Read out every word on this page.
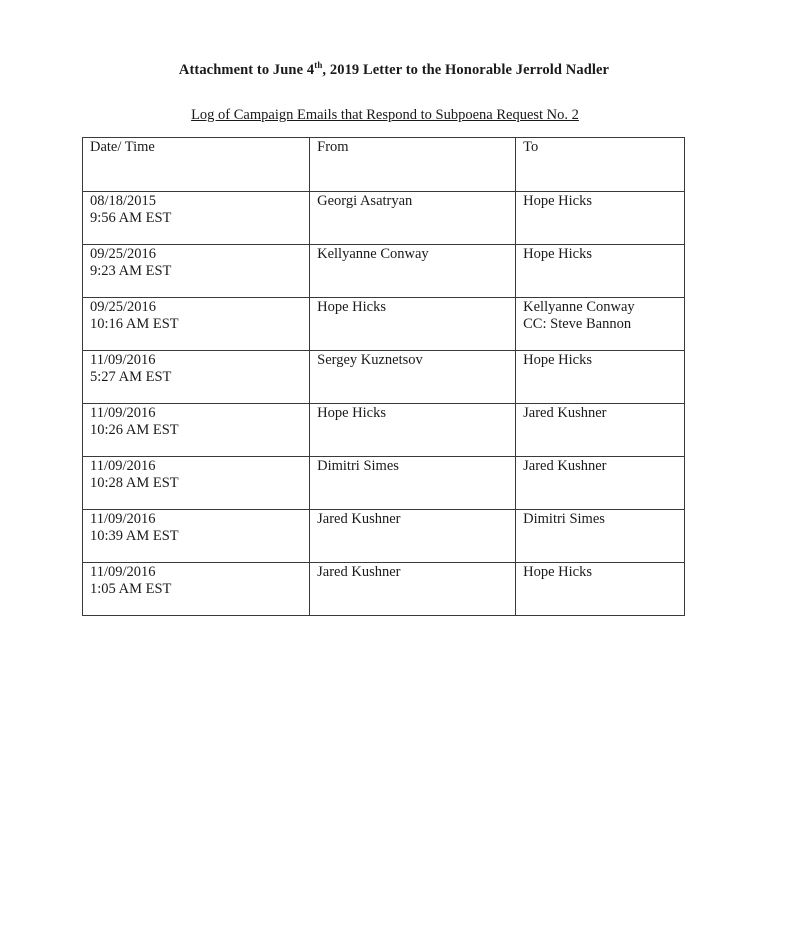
Attachment to June 4th, 2019 Letter to the Honorable Jerrold Nadler
Log of Campaign Emails that Respond to Subpoena Request No. 2
Date/ Time	From	To

08/18/2015
9:56 AM EST	Georgi Asatryan	Hope Hicks

09/25/2016
9:23 AM EST	Kellyanne Conway	Hope Hicks

09/25/2016
10:16 AM EST	Hope Hicks	Kellyanne Conway
CC: Steve Bannon

11/09/2016
5:27 AM EST	Sergey Kuznetsov	Hope Hicks

11/09/2016
10:26 AM EST	Hope Hicks	Jared Kushner

11/09/2016
10:28 AM EST	Dimitri Simes	Jared Kushner

11/09/2016
10:39 AM EST	Jared Kushner	Dimitri Simes

11/09/2016
1:05 AM EST	Jared Kushner	Hope Hicks
